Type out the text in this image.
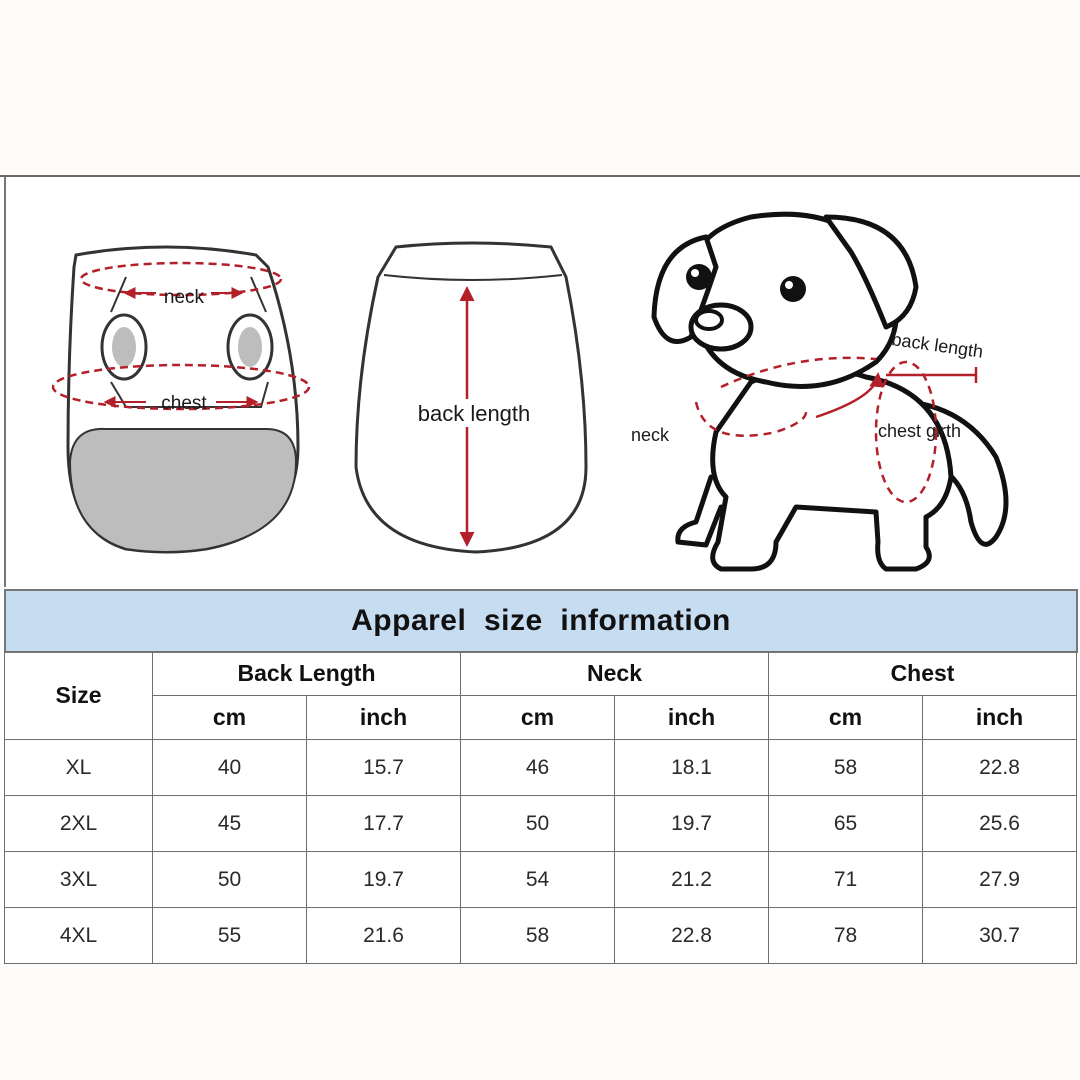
neck
chest	back length
back length
neck	chest girth
Apparel  size  information
Size	Back Length		Neck		Chest	
	cm	inch	cm	inch	cm	inch
XL	40	15.7	46	18.1	58	22.8
2XL	45	17.7	50	19.7	65	25.6
3XL	50	19.7	54	21.2	71	27.9
4XL	55	21.6	58	22.8	78	30.7
